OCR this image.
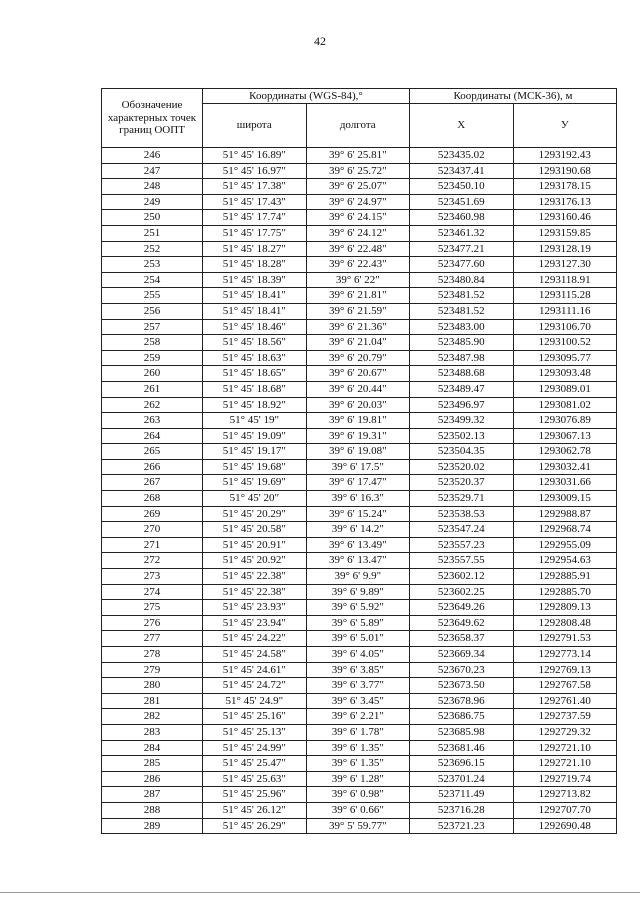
42
Обозначение характерных точек границ ООПТ	Координаты (WGS-84),°		Координаты (МСК-36), м	
	широта	долгота	X	У
246	51° 45' 16.89"	39° 6' 25.81"	523435.02	1293192.43
247	51° 45' 16.97"	39° 6' 25.72"	523437.41	1293190.68
248	51° 45' 17.38"	39° 6' 25.07"	523450.10	1293178.15
249	51° 45' 17.43"	39° 6' 24.97"	523451.69	1293176.13
250	51° 45' 17.74"	39° 6' 24.15"	523460.98	1293160.46
251	51° 45' 17.75"	39° 6' 24.12"	523461.32	1293159.85
252	51° 45' 18.27"	39° 6' 22.48"	523477.21	1293128.19
253	51° 45' 18.28"	39° 6' 22.43"	523477.60	1293127.30
254	51° 45' 18.39"	39° 6' 22"	523480.84	1293118.91
255	51° 45' 18.41"	39° 6' 21.81"	523481.52	1293115.28
256	51° 45' 18.41"	39° 6' 21.59"	523481.52	1293111.16
257	51° 45' 18.46"	39° 6' 21.36"	523483.00	1293106.70
258	51° 45' 18.56"	39° 6' 21.04"	523485.90	1293100.52
259	51° 45' 18.63"	39° 6' 20.79"	523487.98	1293095.77
260	51° 45' 18.65"	39° 6' 20.67"	523488.68	1293093.48
261	51° 45' 18.68"	39° 6' 20.44"	523489.47	1293089.01
262	51° 45' 18.92"	39° 6' 20.03"	523496.97	1293081.02
263	51° 45' 19"	39° 6' 19.81"	523499.32	1293076.89
264	51° 45' 19.09"	39° 6' 19.31"	523502.13	1293067.13
265	51° 45' 19.17"	39° 6' 19.08"	523504.35	1293062.78
266	51° 45' 19.68"	39° 6' 17.5"	523520.02	1293032.41
267	51° 45' 19.69"	39° 6' 17.47"	523520.37	1293031.66
268	51° 45' 20"	39° 6' 16.3"	523529.71	1293009.15
269	51° 45' 20.29"	39° 6' 15.24"	523538.53	1292988.87
270	51° 45' 20.58"	39° 6' 14.2"	523547.24	1292968.74
271	51° 45' 20.91"	39° 6' 13.49"	523557.23	1292955.09
272	51° 45' 20.92"	39° 6' 13.47"	523557.55	1292954.63
273	51° 45' 22.38"	39° 6' 9.9"	523602.12	1292885.91
274	51° 45' 22.38"	39° 6' 9.89"	523602.25	1292885.70
275	51° 45' 23.93"	39° 6' 5.92"	523649.26	1292809.13
276	51° 45' 23.94"	39° 6' 5.89"	523649.62	1292808.48
277	51° 45' 24.22"	39° 6' 5.01"	523658.37	1292791.53
278	51° 45' 24.58"	39° 6' 4.05"	523669.34	1292773.14
279	51° 45' 24.61"	39° 6' 3.85"	523670.23	1292769.13
280	51° 45' 24.72"	39° 6' 3.77"	523673.50	1292767.58
281	51° 45' 24.9"	39° 6' 3.45"	523678.96	1292761.40
282	51° 45' 25.16"	39° 6' 2.21"	523686.75	1292737.59
283	51° 45' 25.13"	39° 6' 1.78"	523685.98	1292729.32
284	51° 45' 24.99"	39° 6' 1.35"	523681.46	1292721.10
285	51° 45' 25.47"	39° 6' 1.35"	523696.15	1292721.10
286	51° 45' 25.63"	39° 6' 1.28"	523701.24	1292719.74
287	51° 45' 25.96"	39° 6' 0.98"	523711.49	1292713.82
288	51° 45' 26.12"	39° 6' 0.66"	523716.28	1292707.70
289	51° 45' 26.29"	39° 5' 59.77"	523721.23	1292690.48
